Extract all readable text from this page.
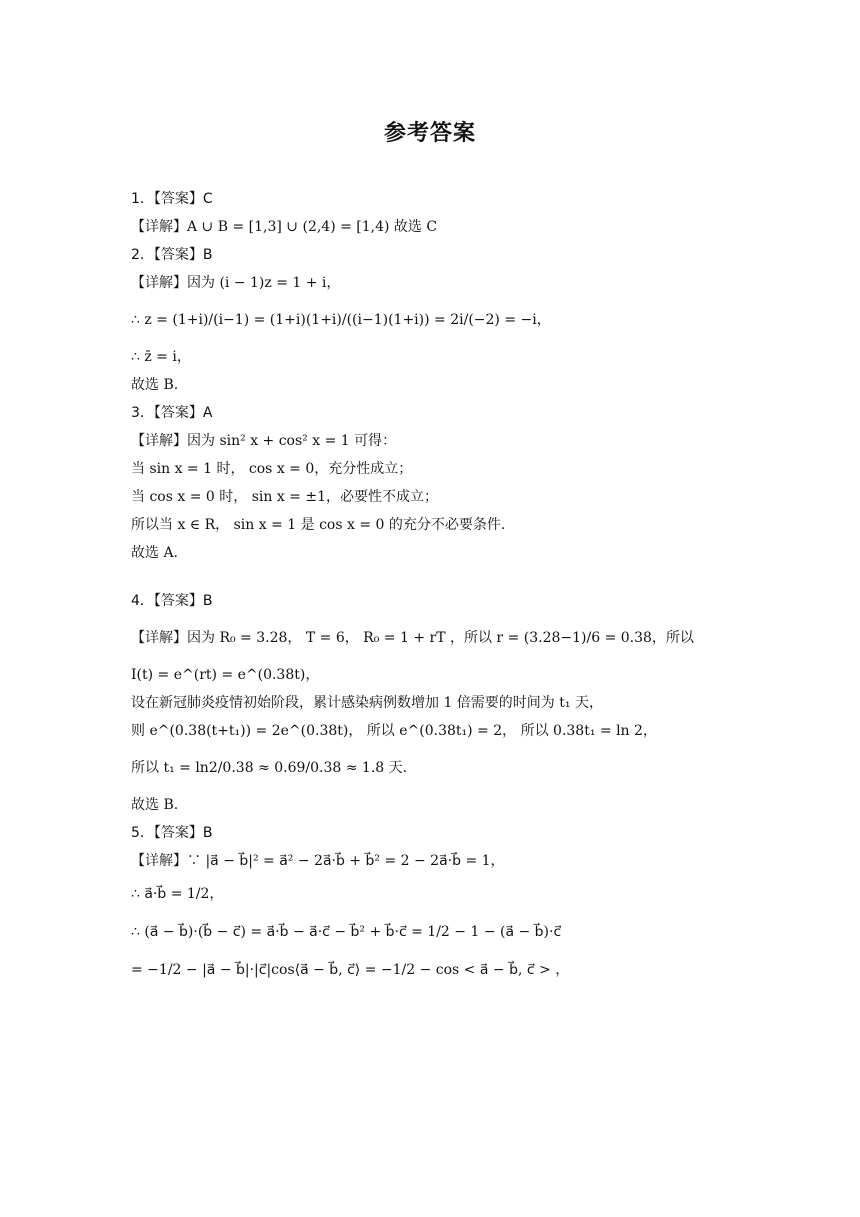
参考答案

1．【答案】C

【详解】A ∪ B = [1,3] ∪ (2,4) = [1,4) 故选 C

2．【答案】B

【详解】因为 (i − 1)z = 1 + i，

∴ z = (1+i)/(i−1) = (1+i)(1+i)/((i−1)(1+i)) = 2i/(−2) = −i，

∴ z̄ = i，

故选 B.

3．【答案】A

【详解】因为 sin² x + cos² x = 1 可得：

当 sin x = 1 时， cos x = 0，充分性成立；

当 cos x = 0 时， sin x = ±1，必要性不成立；

所以当 x ∈ R， sin x = 1 是 cos x = 0 的充分不必要条件.

故选 A.

4．【答案】B

【详解】因为 R₀ = 3.28， T = 6， R₀ = 1 + rT ，所以 r = (3.28−1)/6 = 0.38，所以

I(t) = e^(rt) = e^(0.38t)，

设在新冠肺炎疫情初始阶段，累计感染病例数增加 1 倍需要的时间为 t₁ 天，

则 e^(0.38(t+t₁)) = 2e^(0.38t)， 所以 e^(0.38t₁) = 2， 所以 0.38t₁ = ln 2，

所以 t₁ = ln2/0.38 ≈ 0.69/0.38 ≈ 1.8 天.

故选 B.

5．【答案】B

【详解】∵ |a⃗ − b⃗|² = a⃗² − 2a⃗·b⃗ + b⃗² = 2 − 2a⃗·b⃗ = 1，

∴ a⃗·b⃗ = 1/2，

∴ (a⃗ − b⃗)·(b⃗ − c⃗) = a⃗·b⃗ − a⃗·c⃗ − b⃗² + b⃗·c⃗ = 1/2 − 1 − (a⃗ − b⃗)·c⃗

= −1/2 − |a⃗ − b⃗|·|c⃗|cos⟨a⃗ − b⃗, c⃗⟩ = −1/2 − cos < a⃗ − b⃗, c⃗ > ，
